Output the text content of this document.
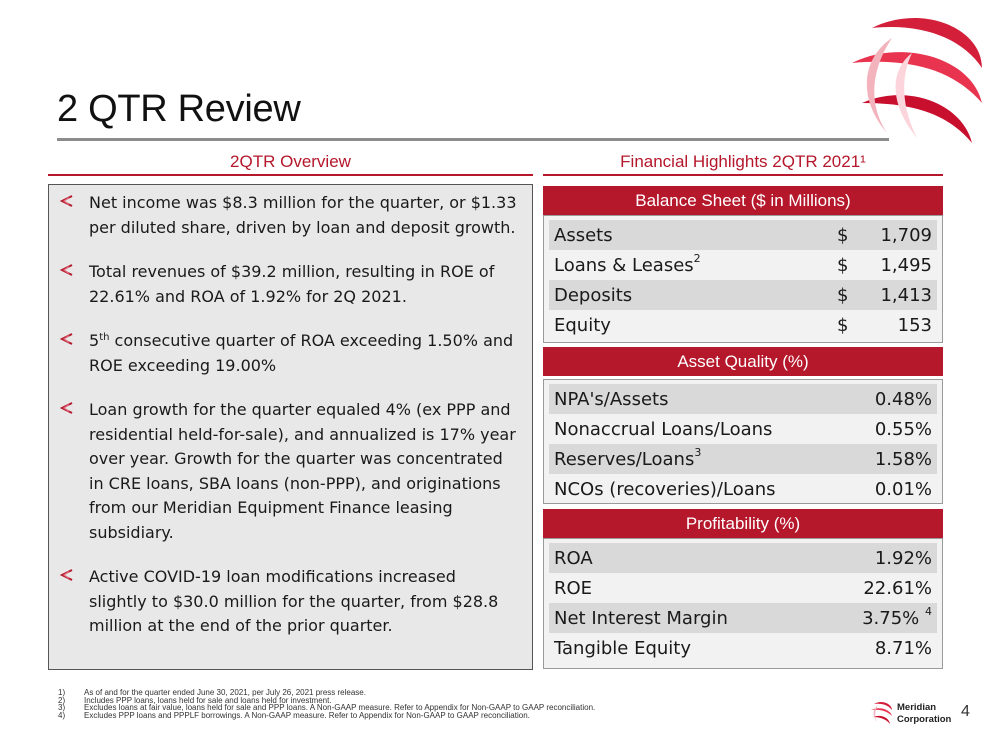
2 QTR Review
2QTR Overview	Financial Highlights 2QTR 2021¹
Net income was $8.3 million for the quarter, or $1.33 per diluted share, driven by loan and deposit growth.
Total revenues of $39.2 million, resulting in ROE of 22.61% and ROA of 1.92% for 2Q 2021.
5th consecutive quarter of ROA exceeding 1.50% and ROE exceeding 19.00%
Loan growth for the quarter equaled 4% (ex PPP and residential held-for-sale), and annualized is 17% year over year. Growth for the quarter was concentrated in CRE loans, SBA loans (non-PPP), and originations from our Meridian Equipment Finance leasing subsidiary.
Active COVID-19 loan modifications increased slightly to $30.0 million for the quarter, from $28.8 million at the end of the prior quarter.
Balance Sheet ($ in Millions)
Assets	$	1,709
Loans & Leases$^2$	$	1,495
Deposits	$	1,413
Equity	$	153
Asset Quality (%)
NPA's/Assets	0.48%
Nonaccrual Loans/Loans	0.55%
Reserves/Loans$^3$	1.58%
NCOs (recoveries)/Loans	0.01%
Profitability (%)
ROA	1.92%
ROE	22.61%
Net Interest Margin	3.75% $^4$
Tangible Equity	8.71%
1)	As of and for the quarter ended June 30, 2021, per July 26, 2021 press release.
2)	Includes PPP loans, loans held for sale and loans held for investment.
3)	Excludes loans at fair value, loans held for sale and PPP loans. A Non-GAAP measure. Refer to Appendix for Non-GAAP to GAAP reconciliation.
4)	Excludes PPP loans and PPPLF borrowings. A Non-GAAP measure. Refer to Appendix for Non-GAAP to GAAP reconciliation.
Meridian
Corporation 4
